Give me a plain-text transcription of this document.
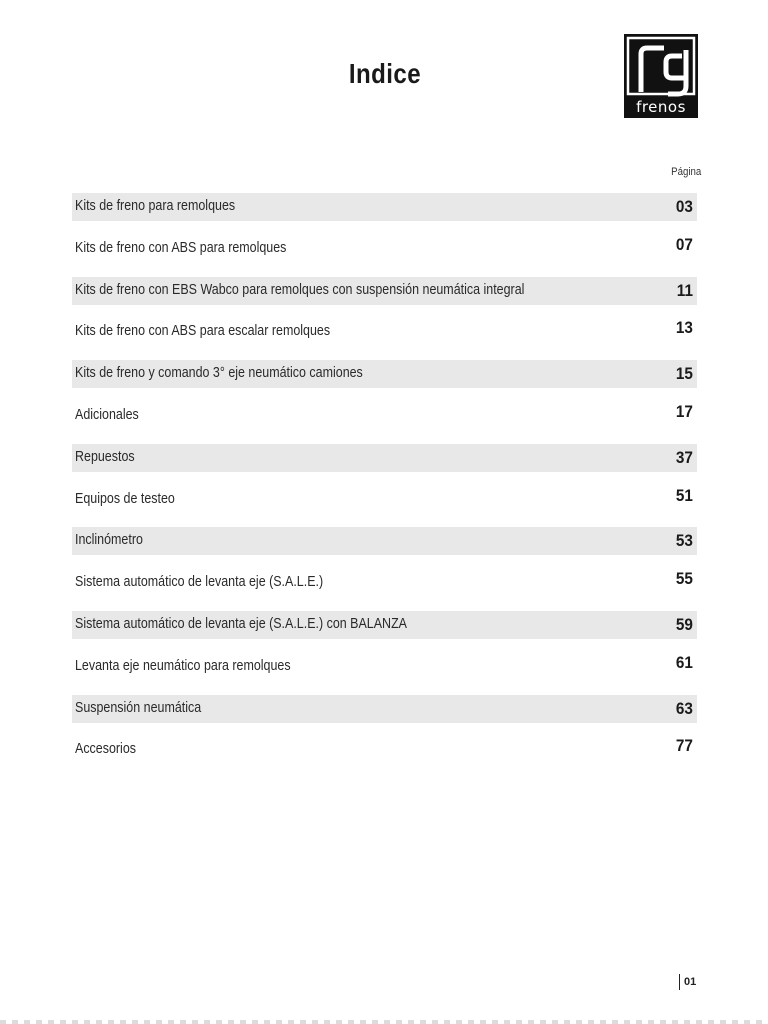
Indice
frenos
Página
Kits de freno para remolques	03
Kits de freno con ABS para remolques	07
Kits de freno con EBS Wabco para remolques con suspensión neumática integral	11
Kits de freno con ABS para escalar remolques	13
Kits de freno y comando 3° eje neumático camiones	15
Adicionales	17
Repuestos	37
Equipos de testeo	51
Inclinómetro	53
Sistema automático de levanta eje (S.A.L.E.)	55
Sistema automático de levanta eje (S.A.L.E.) con BALANZA	59
Levanta eje neumático para remolques	61
Suspensión neumática	63
Accesorios	77
01
